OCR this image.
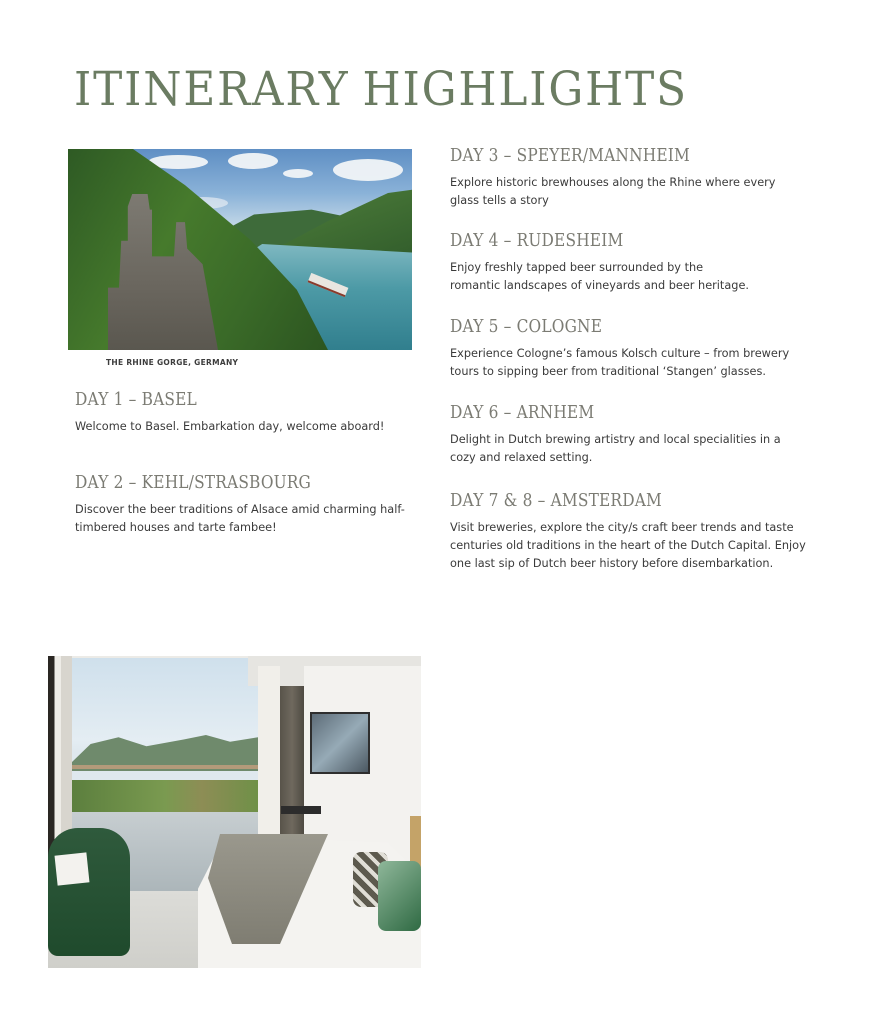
ITINERARY HIGHLIGHTS
THE RHINE GORGE, GERMANY
DAY 1 – BASEL

Welcome to Basel. Embarkation day, welcome aboard!

DAY 2 – KEHL/STRASBOURG

Discover the beer traditions of Alsace amid charming half-timbered houses and tarte fambee!

DAY 3 – SPEYER/MANNHEIM

Explore historic brewhouses along the Rhine where every glass tells a story

DAY 4 – RUDESHEIM

Enjoy freshly tapped beer surrounded by the romantic landscapes of vineyards and beer heritage.

DAY 5 – COLOGNE

Experience Cologne’s famous Kolsch culture – from brewery tours to sipping beer from traditional ‘Stangen’ glasses.

DAY 6 – ARNHEM

Delight in Dutch brewing artistry and local specialities in a cozy and relaxed setting.

DAY 7 & 8 – AMSTERDAM

Visit breweries, explore the city/s craft beer trends and taste centuries old traditions in the heart of the Dutch Capital. Enjoy one last sip of Dutch beer history before disembarkation.
